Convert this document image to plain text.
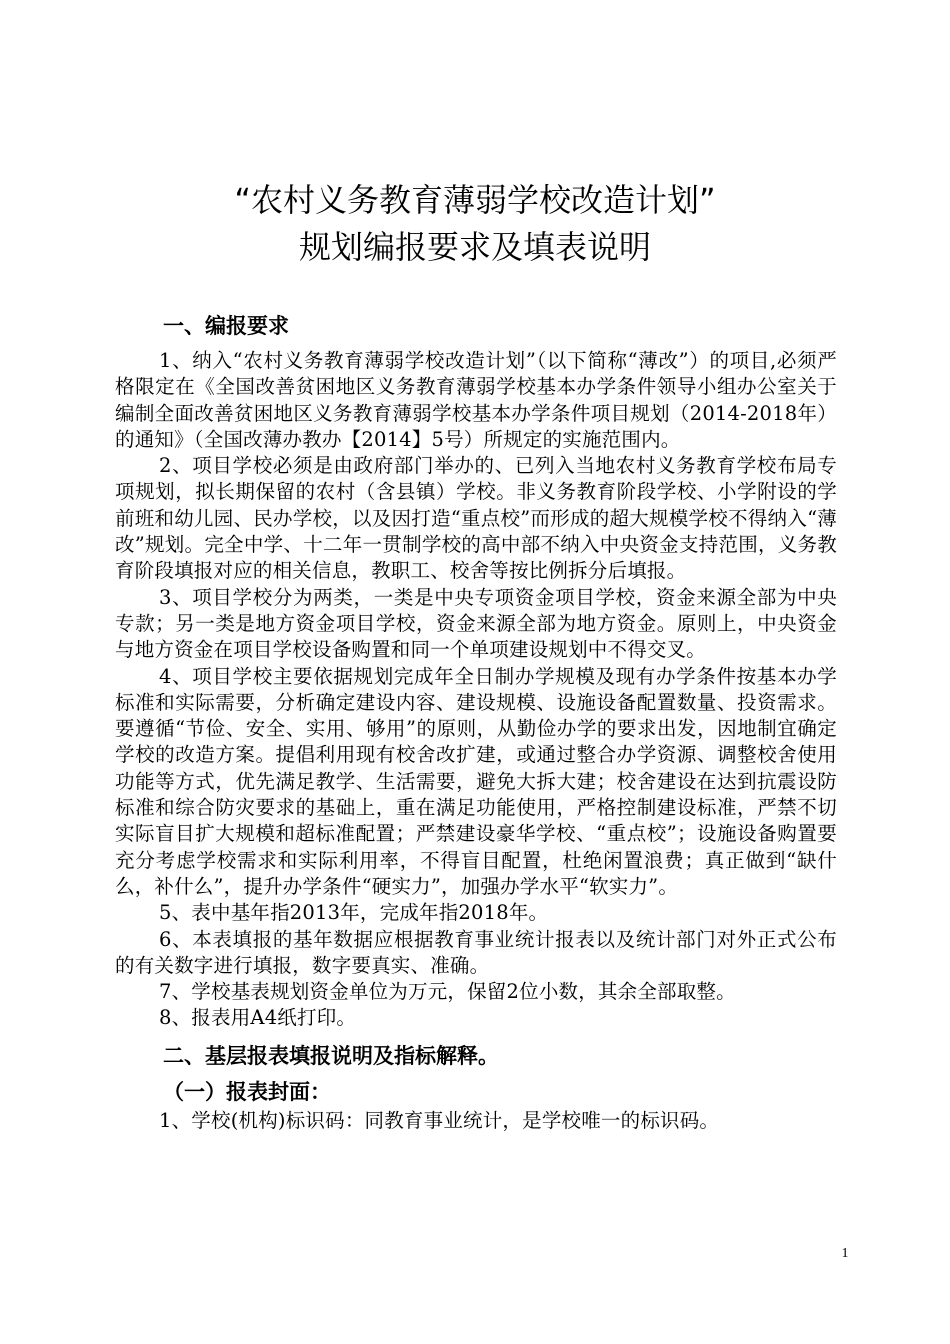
“农村义务教育薄弱学校改造计划”
规划编报要求及填表说明
一、编报要求

1、纳入“农村义务教育薄弱学校改造计划”（以下简称“薄改”）的项目,必须严格限定在《全国改善贫困地区义务教育薄弱学校基本办学条件领导小组办公室关于编制全面改善贫困地区义务教育薄弱学校基本办学条件项目规划（2014-2018年）的通知》（全国改薄办教办【2014】5号）所规定的实施范围内。

2、项目学校必须是由政府部门举办的、已列入当地农村义务教育学校布局专项规划，拟长期保留的农村（含县镇）学校。非义务教育阶段学校、小学附设的学前班和幼儿园、民办学校，以及因打造“重点校”而形成的超大规模学校不得纳入“薄改”规划。完全中学、十二年一贯制学校的高中部不纳入中央资金支持范围，义务教育阶段填报对应的相关信息，教职工、校舍等按比例拆分后填报。

3、项目学校分为两类，一类是中央专项资金项目学校，资金来源全部为中央专款；另一类是地方资金项目学校，资金来源全部为地方资金。原则上，中央资金与地方资金在项目学校设备购置和同一个单项建设规划中不得交叉。

4、项目学校主要依据规划完成年全日制办学规模及现有办学条件按基本办学标准和实际需要，分析确定建设内容、建设规模、设施设备配置数量、投资需求。要遵循“节俭、安全、实用、够用”的原则，从勤俭办学的要求出发，因地制宜确定学校的改造方案。提倡利用现有校舍改扩建，或通过整合办学资源、调整校舍使用功能等方式，优先满足教学、生活需要，避免大拆大建；校舍建设在达到抗震设防标准和综合防灾要求的基础上，重在满足功能使用，严格控制建设标准，严禁不切实际盲目扩大规模和超标准配置；严禁建设豪华学校、“重点校”；设施设备购置要充分考虑学校需求和实际利用率，不得盲目配置，杜绝闲置浪费；真正做到“缺什么，补什么”，提升办学条件“硬实力”，加强办学水平“软实力”。

5、表中基年指2013年，完成年指2018年。

6、本表填报的基年数据应根据教育事业统计报表以及统计部门对外正式公布的有关数字进行填报，数字要真实、准确。

7、学校基表规划资金单位为万元，保留2位小数，其余全部取整。

8、报表用A4纸打印。

二、基层报表填报说明及指标解释。
（一）报表封面：

1、学校(机构)标识码：同教育事业统计，是学校唯一的标识码。

1
